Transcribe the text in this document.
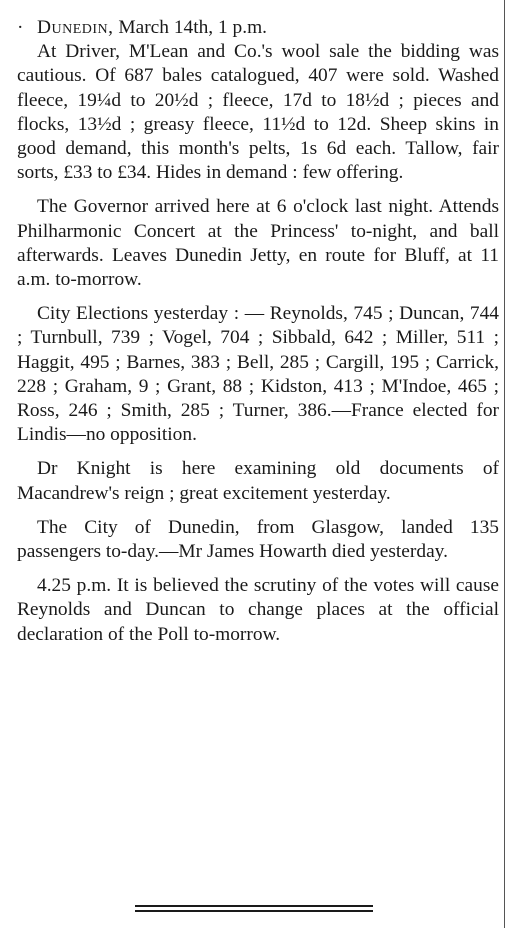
· Dunedin, March 14th, 1 p.m.

At Driver, M'Lean and Co.'s wool sale the bidding was cautious. Of 687 bales catalogued, 407 were sold. Washed fleece, 19¼d to 20½d ; fleece, 17d to 18½d ; pieces and flocks, 13½d ; greasy fleece, 11½d to 12d. Sheep skins in good demand, this month's pelts, 1s 6d each. Tallow, fair sorts, £33 to £34. Hides in demand : few offering.

The Governor arrived here at 6 o'clock last night. Attends Philharmonic Concert at the Princess' to-night, and ball afterwards. Leaves Dunedin Jetty, en route for Bluff, at 11 a.m. to-morrow.

City Elections yesterday : — Reynolds, 745 ; Duncan, 744 ; Turnbull, 739 ; Vogel, 704 ; Sibbald, 642 ; Miller, 511 ; Haggit, 495 ; Barnes, 383 ; Bell, 285 ; Cargill, 195 ; Carrick, 228 ; Graham, 9 ; Grant, 88 ; Kidston, 413 ; M'Indoe, 465 ; Ross, 246 ; Smith, 285 ; Turner, 386.—France elected for Lindis—no opposition.

Dr Knight is here examining old documents of Macandrew's reign ; great excitement yesterday.

The City of Dunedin, from Glasgow, landed 135 passengers to-day.—Mr James Howarth died yesterday.

4.25 p.m. It is believed the scrutiny of the votes will cause Reynolds and Duncan to change places at the official declaration of the Poll to-morrow.
